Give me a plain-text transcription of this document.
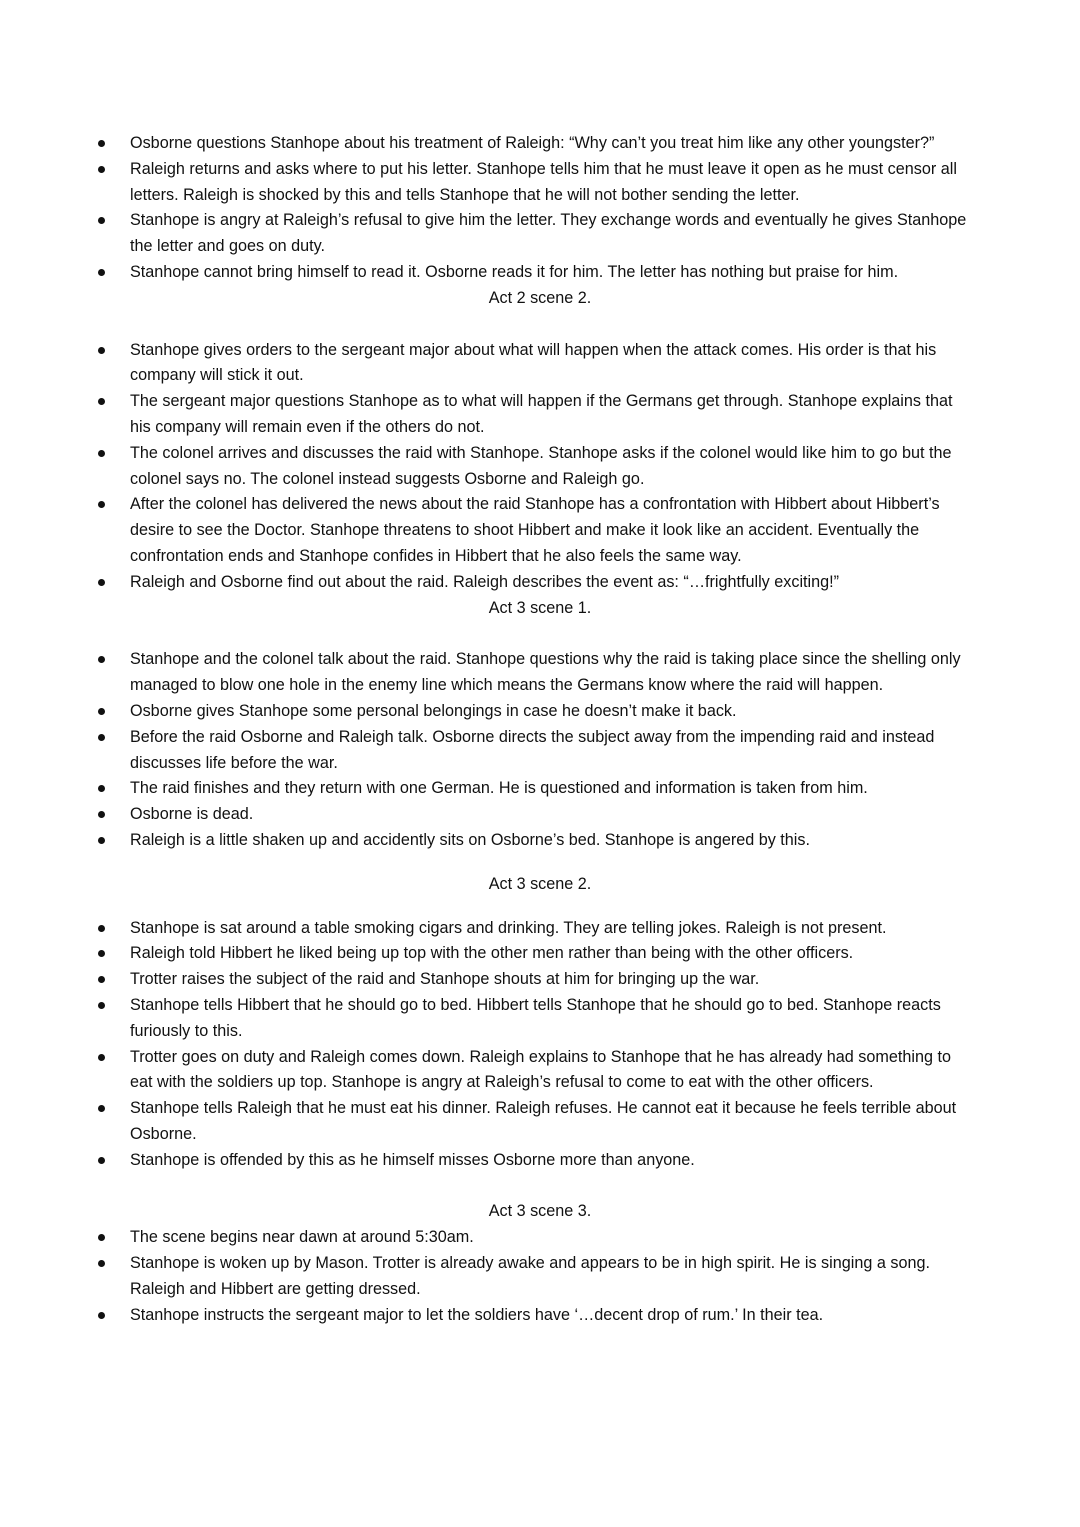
Osborne questions Stanhope about his treatment of Raleigh: “Why can’t you treat him like any other youngster?”
Raleigh returns and asks where to put his letter. Stanhope tells him that he must leave it open as he must censor all letters. Raleigh is shocked by this and tells Stanhope that he will not bother sending the letter.
Stanhope is angry at Raleigh’s refusal to give him the letter. They exchange words and eventually he gives Stanhope the letter and goes on duty.
Stanhope cannot bring himself to read it. Osborne reads it for him. The letter has nothing but praise for him.

Act 2 scene 2.

Stanhope gives orders to the sergeant major about what will happen when the attack comes. His order is that his company will stick it out.
The sergeant major questions Stanhope as to what will happen if the Germans get through. Stanhope explains that his company will remain even if the others do not.
The colonel arrives and discusses the raid with Stanhope. Stanhope asks if the colonel would like him to go but the colonel says no. The colonel instead suggests Osborne and Raleigh go.
After the colonel has delivered the news about the raid Stanhope has a confrontation with Hibbert about Hibbert’s desire to see the Doctor. Stanhope threatens to shoot Hibbert and make it look like an accident. Eventually the confrontation ends and Stanhope confides in Hibbert that he also feels the same way.
Raleigh and Osborne find out about the raid. Raleigh describes the event as: “…frightfully exciting!”

Act 3 scene 1.

Stanhope and the colonel talk about the raid. Stanhope questions why the raid is taking place since the shelling only managed to blow one hole in the enemy line which means the Germans know where the raid will happen.
Osborne gives Stanhope some personal belongings in case he doesn’t make it back.
Before the raid Osborne and Raleigh talk. Osborne directs the subject away from the impending raid and instead discusses life before the war.
The raid finishes and they return with one German. He is questioned and information is taken from him.
Osborne is dead.
Raleigh is a little shaken up and accidently sits on Osborne’s bed. Stanhope is angered by this.

Act 3 scene 2.

Stanhope is sat around a table smoking cigars and drinking. They are telling jokes. Raleigh is not present.
Raleigh told Hibbert he liked being up top with the other men rather than being with the other officers.
Trotter raises the subject of the raid and Stanhope shouts at him for bringing up the war.
Stanhope tells Hibbert that he should go to bed. Hibbert tells Stanhope that he should go to bed. Stanhope reacts furiously to this.
Trotter goes on duty and Raleigh comes down. Raleigh explains to Stanhope that he has already had something to eat with the soldiers up top. Stanhope is angry at Raleigh’s refusal to come to eat with the other officers.
Stanhope tells Raleigh that he must eat his dinner. Raleigh refuses. He cannot eat it because he feels terrible about Osborne.
Stanhope is offended by this as he himself misses Osborne more than anyone.

Act 3 scene 3.

The scene begins near dawn at around 5:30am.
Stanhope is woken up by Mason. Trotter is already awake and appears to be in high spirit. He is singing a song. Raleigh and Hibbert are getting dressed.
Stanhope instructs the sergeant major to let the soldiers have ‘…decent drop of rum.’ In their tea.
